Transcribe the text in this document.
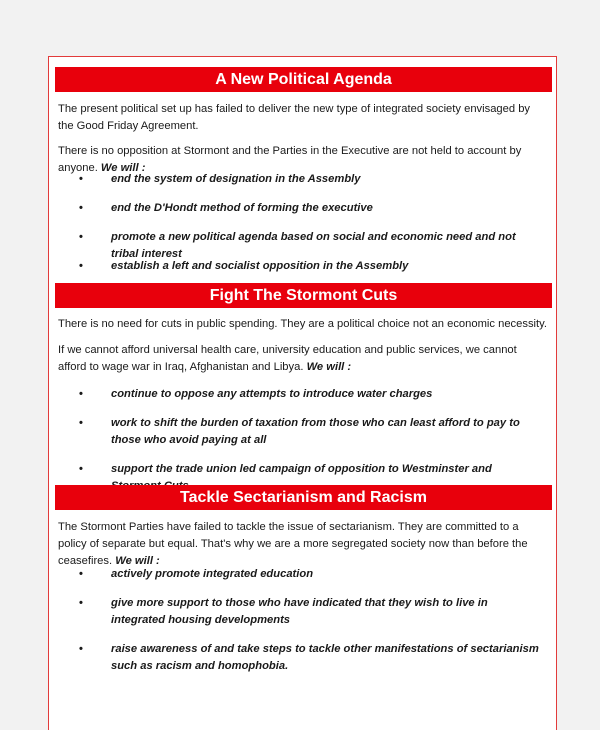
A New Political Agenda

The present political set up has failed to deliver the new type of integrated society envisaged by the Good Friday Agreement.

There is no opposition at Stormont and the Parties in the Executive are not held to account by anyone. We will :

•	end the system of designation in the Assembly
•	end the D'Hondt method of forming the executive
•	promote a new political agenda based on social and economic need and not tribal interest
•	establish a left and socialist opposition in the Assembly
Fight The Stormont Cuts

There is no need for cuts in public spending. They are a political choice not an economic necessity.

If we cannot afford universal health care, university education and public services, we cannot afford to wage war in Iraq, Afghanistan and Libya. We will :

•	continue to oppose any attempts to introduce water charges
•	work to shift the burden of taxation from those who can least afford to pay to those who avoid paying at all
•	support the trade union led campaign of opposition to Westminster and
Tackle Sectarianism and Racism

The Stormont Parties have failed to tackle the issue of sectarianism. They are committed to a policy of separate but equal. That's why we are a more segregated society now than before the ceasefires. We will :

•	actively promote integrated education
•	give more support to those who have indicated that they wish to live in integrated housing developments
•	raise awareness of and take steps to tackle other manifestations of sectarianism such as racism and homophobia.
